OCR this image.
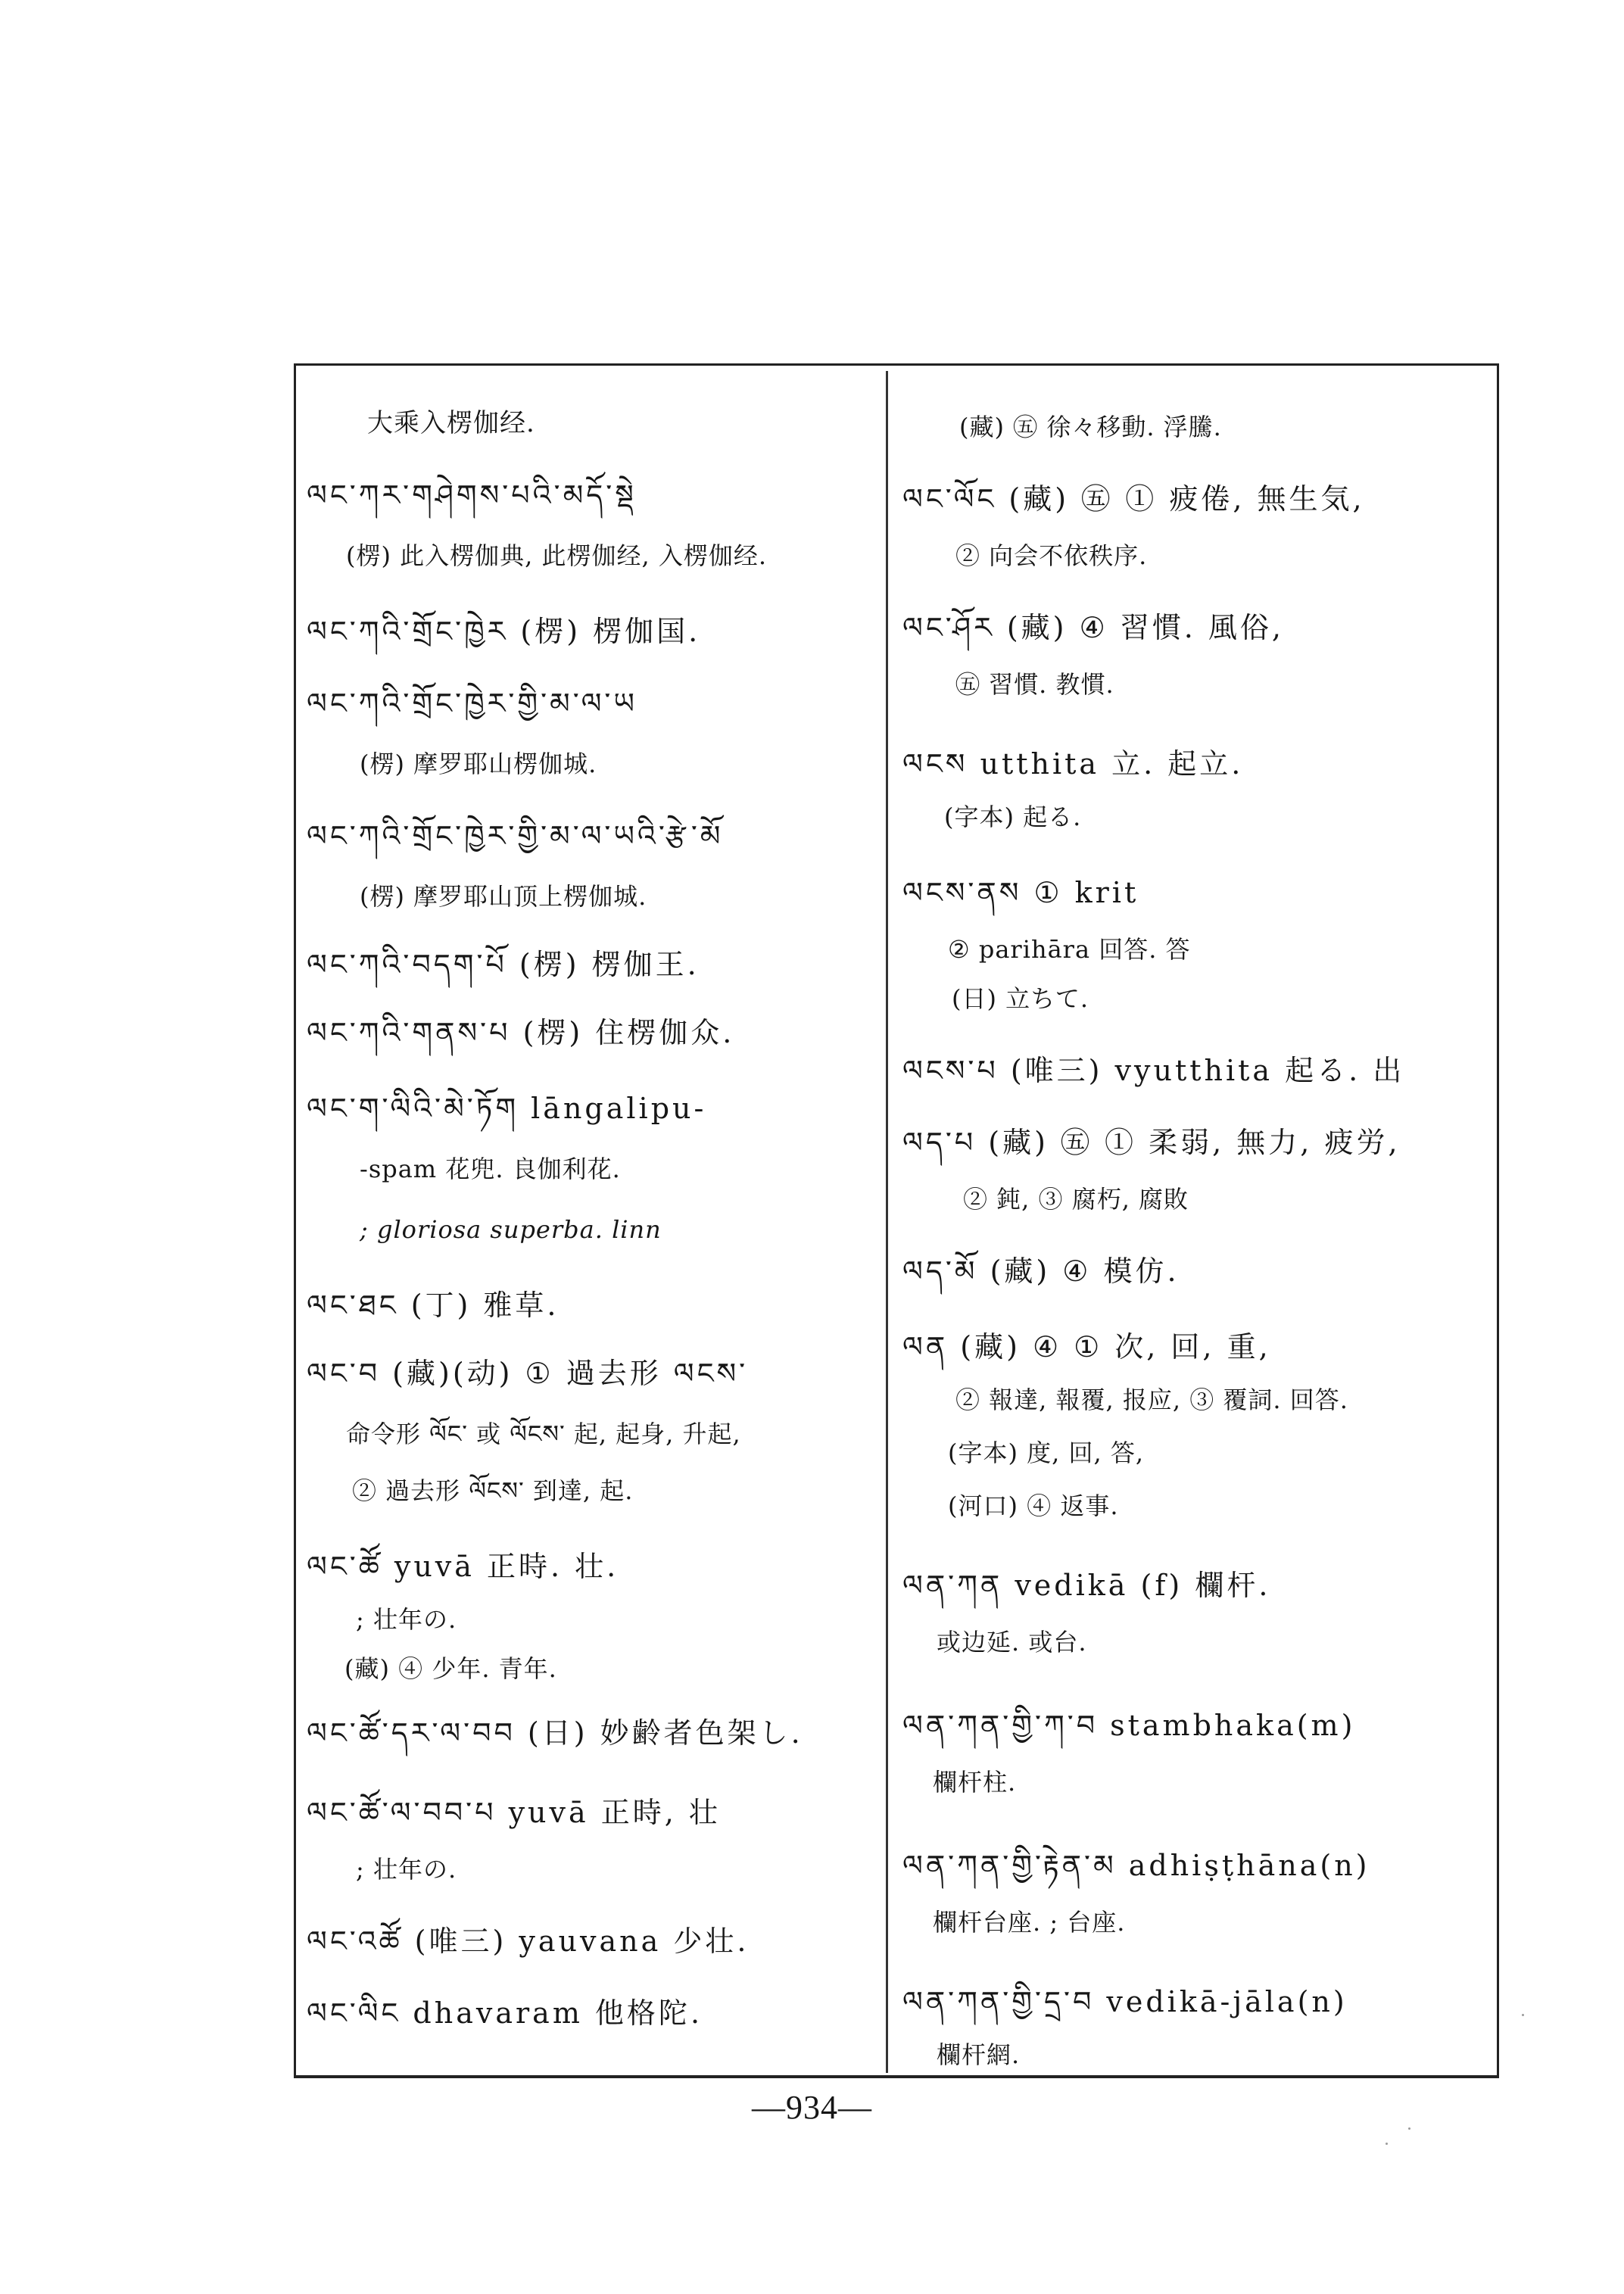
大乘入楞伽经.
ལང་ཀར་གཤེགས་པའི་མདོ་སྡེ
(楞) 此入楞伽典, 此楞伽经, 入楞伽经.
ལང་ཀའི་གྲོང་ཁྱེར (楞) 楞伽国.
ལང་ཀའི་གྲོང་ཁྱེར་གྱི་མ་ལ་ཡ
(楞) 摩罗耶山楞伽城.
ལང་ཀའི་གྲོང་ཁྱེར་གྱི་མ་ལ་ཡའི་རྩེ་མོ
(楞) 摩罗耶山顶上楞伽城.
ལང་ཀའི་བདག་པོ (楞) 楞伽王.
ལང་ཀའི་གནས་པ (楞) 住楞伽众.
ལང་ག་ལིའི་མེ་ཏོག lāngalipu-
-spam 花兜. 良伽利花.
; gloriosa superba. linn
ལང་ཐང (丁) 雅草.
ལང་བ (藏)(动) ① 過去形 ལངས་
命令形 ལོང་ 或 ལོངས་ 起, 起身, 升起,
② 過去形 ལོངས་ 到達, 起.
ལང་ཚོ yuvā 正時. 壮.
; 壮年の.
(藏) ④ 少年. 青年.
ལང་ཚོ་དར་ལ་བབ (日) 妙齢者色架し.
ལང་ཚོ་ལ་བབ་པ yuvā 正時, 壮
; 壮年の.
ལང་འཚོ (唯三) yauvana 少壮.
ལང་ལིང dhavaram 他格陀.
(藏) ㊄ 徐々移動. 浮騰.
ལང་ལོང (藏) ㊄ ① 疲倦, 無生気,
② 向会不依秩序.
ལང་ཤོར (藏) ④ 習慣. 風俗,
㊄ 習慣. 教慣.
ལངས utthita 立. 起立.
(字本) 起る.
ལངས་ནས ① krit
② parihāra 回答. 答
(日) 立ちて.
ལངས་པ (唯三) vyutthita 起る. 出
ལད་པ (藏) ㊄ ① 柔弱, 無力, 疲労,
② 鈍, ③ 腐朽, 腐敗
ལད་མོ (藏) ④ 模仿.
ལན (藏) ④ ① 次, 回, 重,
② 報達, 報覆, 报应, ③ 覆詞. 回答.
(字本) 度, 回, 答,
(河口) ④ 返事.
ལན་ཀན vedikā (f) 欄杆.
或边延. 或台.
ལན་ཀན་གྱི་ཀ་བ stambhaka(m)
欄杆柱.
ལན་ཀན་གྱི་རྟེན་མ adhiṣṭhāna(n)
欄杆台座. ; 台座.
ལན་ཀན་གྱི་དྲ་བ vedikā-jāla(n)
欄杆網.
—934—
